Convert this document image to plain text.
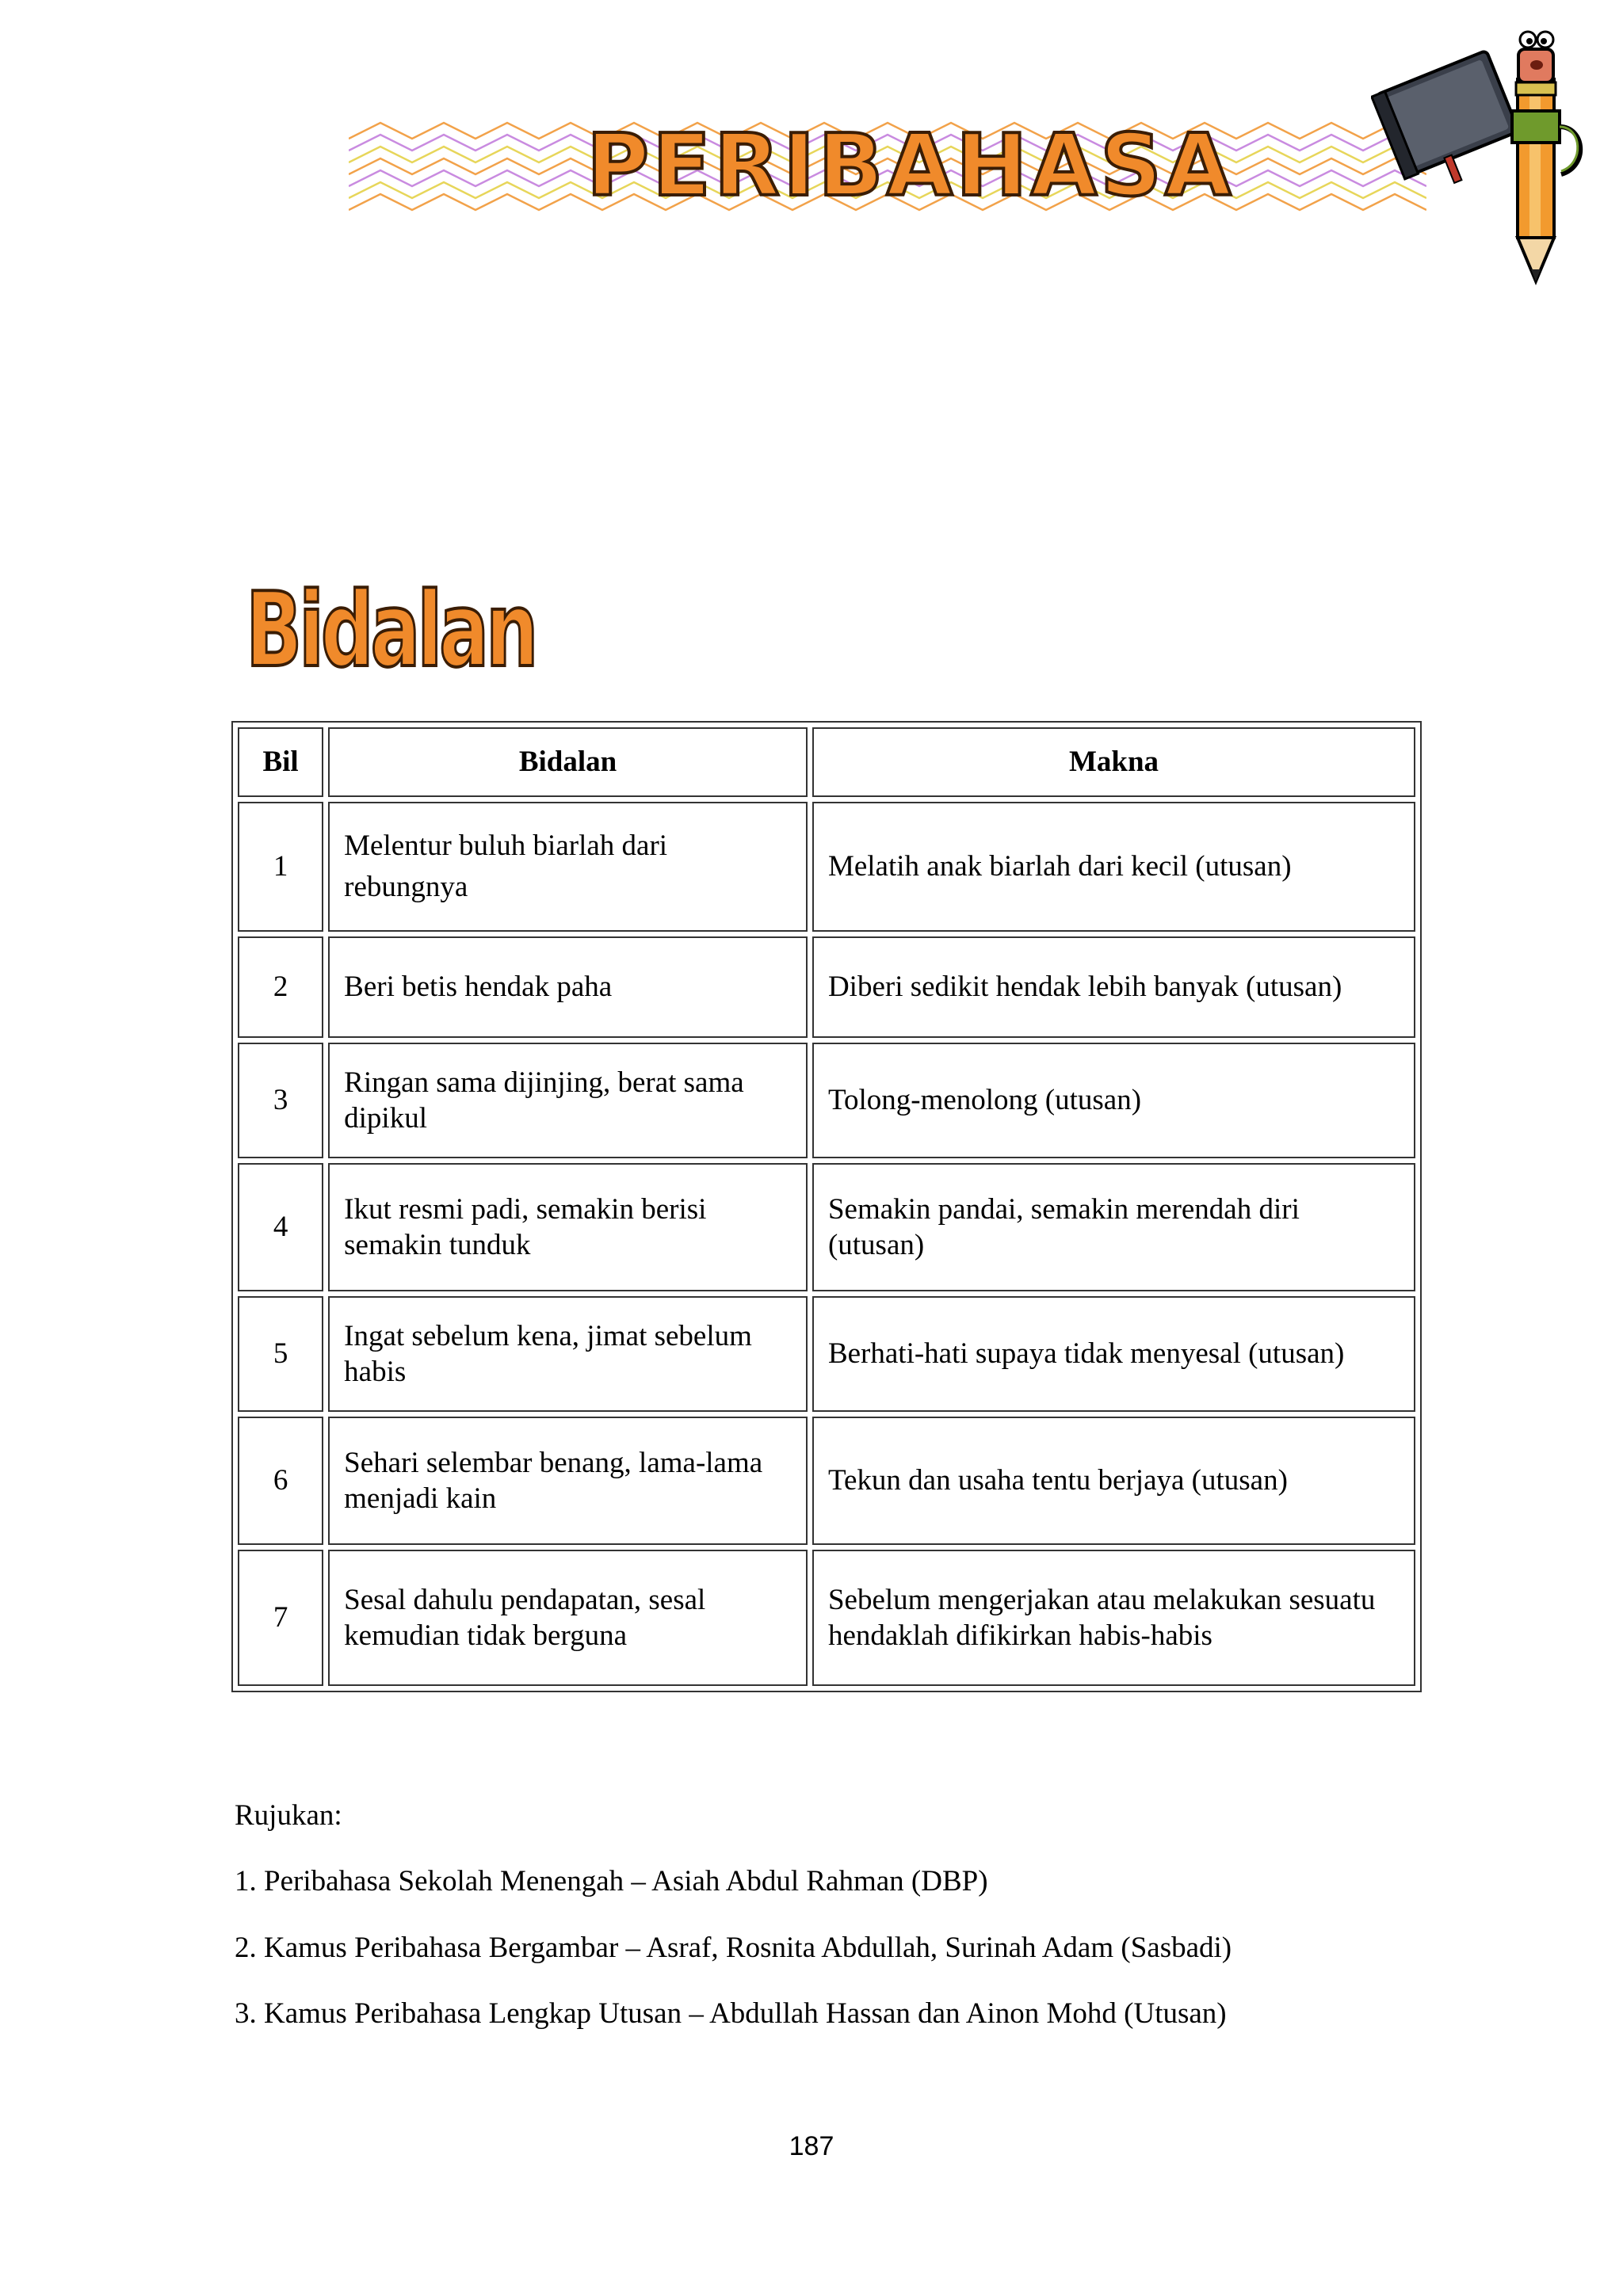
PERIBAHASA
Bidalan
Bil	Bidalan	Makna
1	Melentur buluh biarlah dari rebungnya	Melatih anak biarlah dari kecil (utusan)
2	Beri betis hendak paha	Diberi sedikit hendak lebih banyak (utusan)
3	Ringan sama dijinjing, berat sama dipikul	Tolong-menolong (utusan)
4	Ikut resmi padi, semakin berisi semakin tunduk	Semakin pandai, semakin merendah diri (utusan)
5	Ingat sebelum kena, jimat sebelum habis	Berhati-hati supaya tidak menyesal (utusan)
6	Sehari selembar benang, lama-lama menjadi kain	Tekun dan usaha tentu berjaya (utusan)
7	Sesal dahulu pendapatan, sesal kemudian tidak berguna	Sebelum mengerjakan atau melakukan sesuatu hendaklah difikirkan habis-habis

Rujukan:

1. Peribahasa Sekolah Menengah – Asiah Abdul Rahman (DBP)

2. Kamus Peribahasa Bergambar – Asraf, Rosnita Abdullah, Surinah Adam (Sasbadi)

3. Kamus Peribahasa Lengkap Utusan – Abdullah Hassan dan Ainon Mohd (Utusan)

187
